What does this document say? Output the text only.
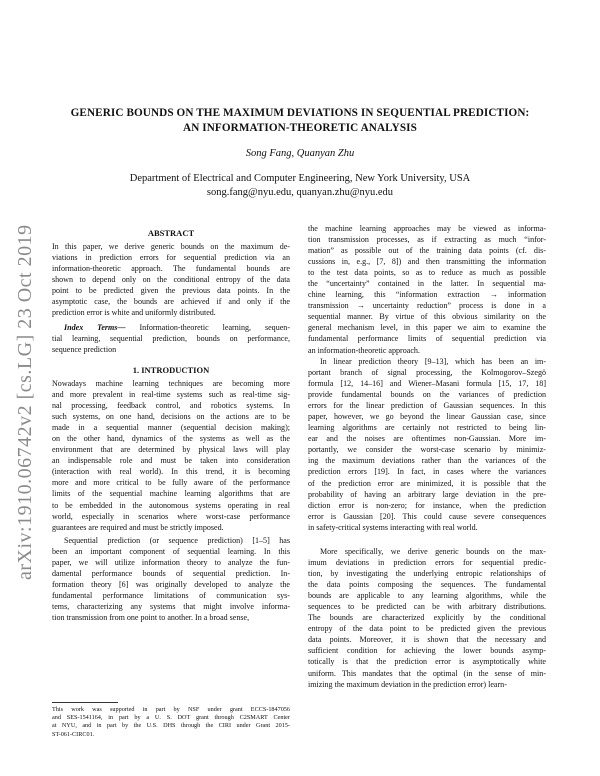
arXiv:1910.06742v2 [cs.LG] 23 Oct 2019
GENERIC BOUNDS ON THE MAXIMUM DEVIATIONS IN SEQUENTIAL PREDICTION:
AN INFORMATION-THEORETIC ANALYSIS
Song Fang, Quanyan Zhu
Department of Electrical and Computer Engineering, New York University, USA
song.fang@nyu.edu, quanyan.zhu@nyu.edu
ABSTRACT
In this paper, we derive generic bounds on the maximum de-
viations in prediction errors for sequential prediction via an
information-theoretic approach. The fundamental bounds are
shown to depend only on the conditional entropy of the data
point to be predicted given the previous data points. In the
asymptotic case, the bounds are achieved if and only if the
prediction error is white and uniformly distributed.
Index Terms— Information-theoretic learning, sequen-
tial learning, sequential prediction, bounds on performance,
sequence prediction
1. INTRODUCTION
Nowadays machine learning techniques are becoming more
and more prevalent in real-time systems such as real-time sig-
nal processing, feedback control, and robotics systems. In
such systems, on one hand, decisions on the actions are to be
made in a sequential manner (sequential decision making);
on the other hand, dynamics of the systems as well as the
environment that are determined by physical laws will play
an indispensable role and must be taken into consideration
(interaction with real world). In this trend, it is becoming
more and more critical to be fully aware of the performance
limits of the sequential machine learning algorithms that are
to be embedded in the autonomous systems operating in real
world, especially in scenarios where worst-case performance
guarantees are required and must be strictly imposed.
Sequential prediction (or sequence prediction) [1–5] has
been an important component of sequential learning. In this
paper, we will utilize information theory to analyze the fun-
damental performance bounds of sequential prediction. In-
formation theory [6] was originally developed to analyze the
fundamental performance limitations of communication sys-
tems, characterizing any systems that might involve informa-
tion transmission from one point to another. In a broad sense,
This work was supported in part by NSF under grant ECCS-1847056
and SES-1541164, in part by a U. S. DOT grant through C2SMART Center
at NYU, and in part by the U.S. DHS through the CIRI under Grant 2015-
ST-061-CIRC01.
the machine learning approaches may be viewed as informa-
tion transmission processes, as if extracting as much “infor-
mation” as possible out of the training data points (cf. dis-
cussions in, e.g., [7, 8]) and then transmitting the information
to the test data points, so as to reduce as much as possible
the “uncertainty” contained in the latter. In sequential ma-
chine learning, this “information extraction → information
transmission → uncertainty reduction” process is done in a
sequential manner. By virtue of this obvious similarity on the
general mechanism level, in this paper we aim to examine the
fundamental performance limits of sequential prediction via
an information-theoretic approach.
In linear prediction theory [9–13], which has been an im-
portant branch of signal processing, the Kolmogorov–Szegö
formula [12, 14–16] and Wiener–Masani formula [15, 17, 18]
provide fundamental bounds on the variances of prediction
errors for the linear prediction of Gaussian sequences. In this
paper, however, we go beyond the linear Gaussian case, since
learning algorithms are certainly not restricted to being lin-
ear and the noises are oftentimes non-Gaussian. More im-
portantly, we consider the worst-case scenario by minimiz-
ing the maximum deviations rather than the variances of the
prediction errors [19]. In fact, in cases where the variances
of the prediction error are minimized, it is possible that the
probability of having an arbitrary large deviation in the pre-
diction error is non-zero; for instance, when the prediction
error is Gaussian [20]. This could cause severe consequences
in safety-critical systems interacting with real world.
More specifically, we derive generic bounds on the max-
imum deviations in prediction errors for sequential predic-
tion, by investigating the underlying entropic relationships of
the data points composing the sequences. The fundamental
bounds are applicable to any learning algorithms, while the
sequences to be predicted can be with arbitrary distributions.
The bounds are characterized explicitly by the conditional
entropy of the data point to be predicted given the previous
data points. Moreover, it is shown that the necessary and
sufficient condition for achieving the lower bounds asymp-
totically is that the prediction error is asymptotically white
uniform. This mandates that the optimal (in the sense of min-
imizing the maximum deviation in the prediction error) learn-
